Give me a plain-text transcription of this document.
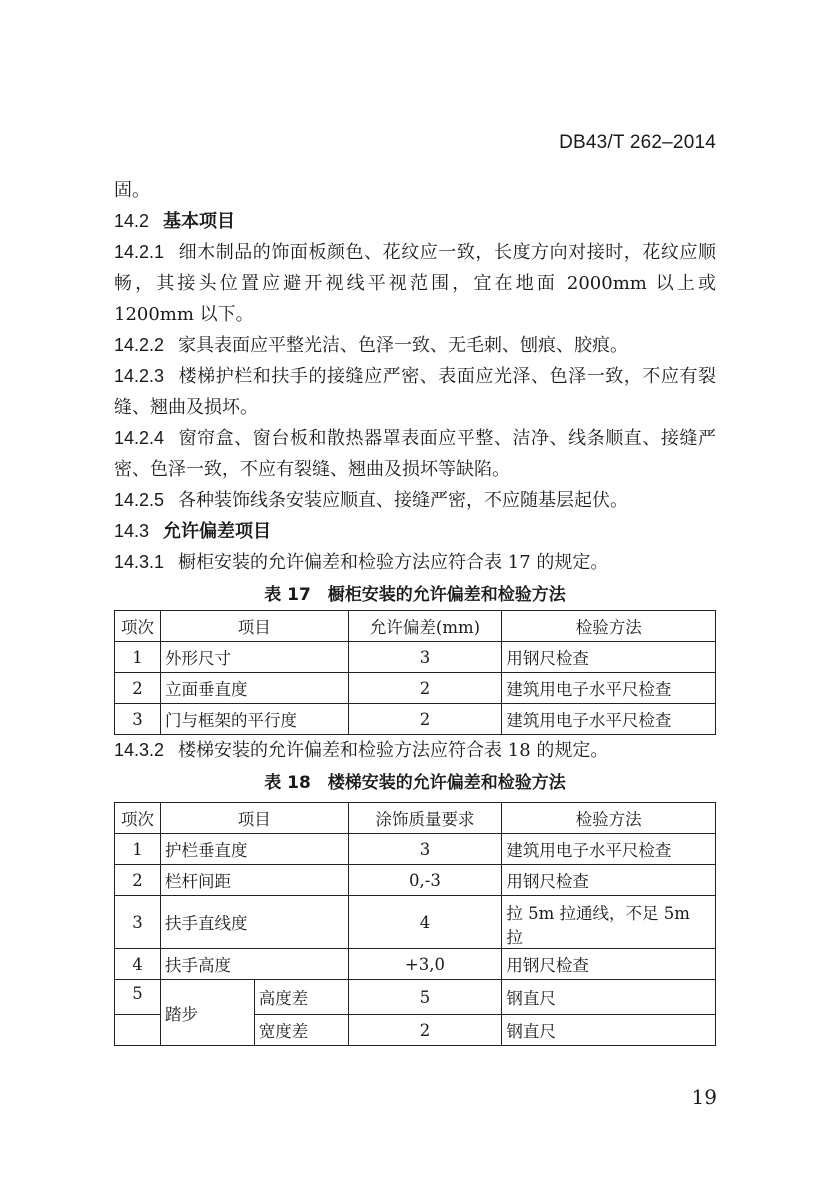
DB43/T 262–2014

固。

14.2 基本项目

14.2.1 细木制品的饰面板颜色、花纹应一致，长度方向对接时，花纹应顺畅，其接头位置应避开视线平视范围，宜在地面 2000mm 以上或1200mm 以下。

14.2.2 家具表面应平整光洁、色泽一致、无毛刺、刨痕、胶痕。

14.2.3 楼梯护栏和扶手的接缝应严密、表面应光泽、色泽一致，不应有裂缝、翘曲及损坏。

14.2.4 窗帘盒、窗台板和散热器罩表面应平整、洁净、线条顺直、接缝严密、色泽一致，不应有裂缝、翘曲及损坏等缺陷。

14.2.5 各种装饰线条安装应顺直、接缝严密，不应随基层起伏。

14.3 允许偏差项目

14.3.1 橱柜安装的允许偏差和检验方法应符合表 17 的规定。

表 17　橱柜安装的允许偏差和检验方法
项次	项目	允许偏差(mm)	检验方法
1	外形尺寸	3	用钢尺检查
2	立面垂直度	2	建筑用电子水平尺检查
3	门与框架的平行度	2	建筑用电子水平尺检查

14.3.2 楼梯安装的允许偏差和检验方法应符合表 18 的规定。

表 18　楼梯安装的允许偏差和检验方法
项次	项目		涂饰质量要求	检验方法
1	护栏垂直度		3	建筑用电子水平尺检查
2	栏杆间距		0,-3	用钢尺检查
3	扶手直线度		4	拉 5m 拉通线，不足 5m 拉
4	扶手高度		+3,0	用钢尺检查
5	踏步	高度差	5	钢直尺
		宽度差	2	钢直尺
19
